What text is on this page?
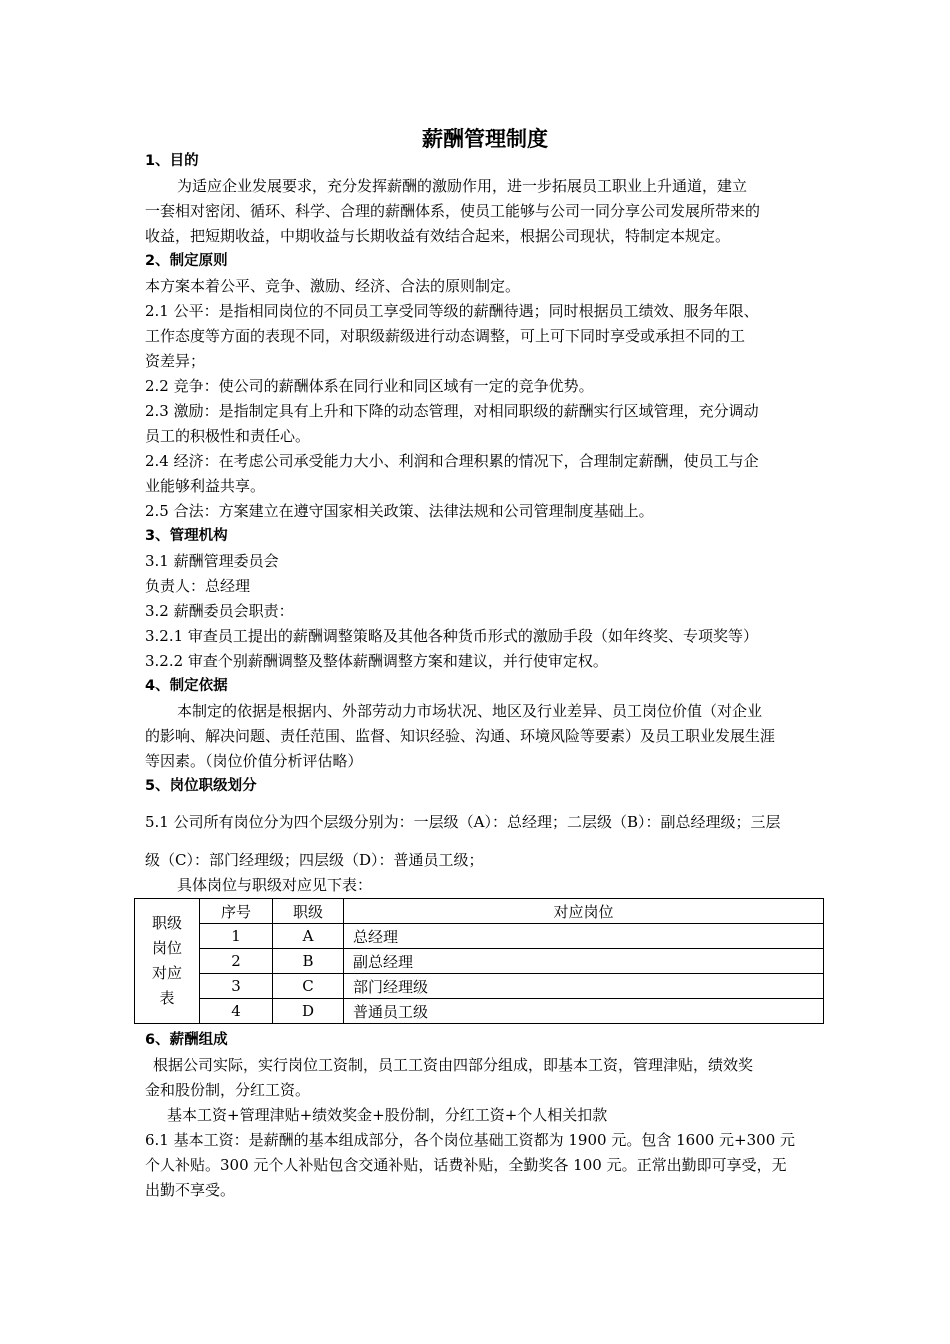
薪酬管理制度
1、目的
为适应企业发展要求，充分发挥薪酬的激励作用，进一步拓展员工职业上升通道，建立
一套相对密闭、循环、科学、合理的薪酬体系，使员工能够与公司一同分享公司发展所带来的
收益，把短期收益，中期收益与长期收益有效结合起来，根据公司现状，特制定本规定。
2、制定原则
本方案本着公平、竞争、激励、经济、合法的原则制定。
2.1 公平：是指相同岗位的不同员工享受同等级的薪酬待遇；同时根据员工绩效、服务年限、
工作态度等方面的表现不同，对职级薪级进行动态调整，可上可下同时享受或承担不同的工
资差异；
2.2 竞争：使公司的薪酬体系在同行业和同区域有一定的竞争优势。
2.3 激励：是指制定具有上升和下降的动态管理，对相同职级的薪酬实行区域管理，充分调动
员工的积极性和责任心。
2.4 经济：在考虑公司承受能力大小、利润和合理积累的情况下，合理制定薪酬，使员工与企
业能够利益共享。
2.5 合法：方案建立在遵守国家相关政策、法律法规和公司管理制度基础上。
3、管理机构
3.1 薪酬管理委员会
负责人：总经理
3.2 薪酬委员会职责：
3.2.1 审查员工提出的薪酬调整策略及其他各种货币形式的激励手段（如年终奖、专项奖等）
3.2.2 审查个别薪酬调整及整体薪酬调整方案和建议，并行使审定权。
4、制定依据
本制定的依据是根据内、外部劳动力市场状况、地区及行业差异、员工岗位价值（对企业
的影响、解决问题、责任范围、监督、知识经验、沟通、环境风险等要素）及员工职业发展生涯
等因素。（岗位价值分析评估略）
5、岗位职级划分
5.1 公司所有岗位分为四个层级分别为：一层级（A）：总经理；二层级（B）：副总经理级；三层
级（C）：部门经理级；四层级（D）：普通员工级；
具体岗位与职级对应见下表：
职级
岗位
对应
表	序号	职级	对应岗位
	1	A	总经理
	2	B	副总经理
	3	C	部门经理级
	4	D	普通员工级
6、薪酬组成
根据公司实际，实行岗位工资制，员工工资由四部分组成，即基本工资，管理津贴，绩效奖
金和股份制，分红工资。
基本工资+管理津贴+绩效奖金+股份制，分红工资+个人相关扣款
6.1 基本工资：是薪酬的基本组成部分，各个岗位基础工资都为 1900 元。包含 1600 元+300 元
个人补贴。300 元个人补贴包含交通补贴，话费补贴，全勤奖各 100 元。正常出勤即可享受，无
出勤不享受。
